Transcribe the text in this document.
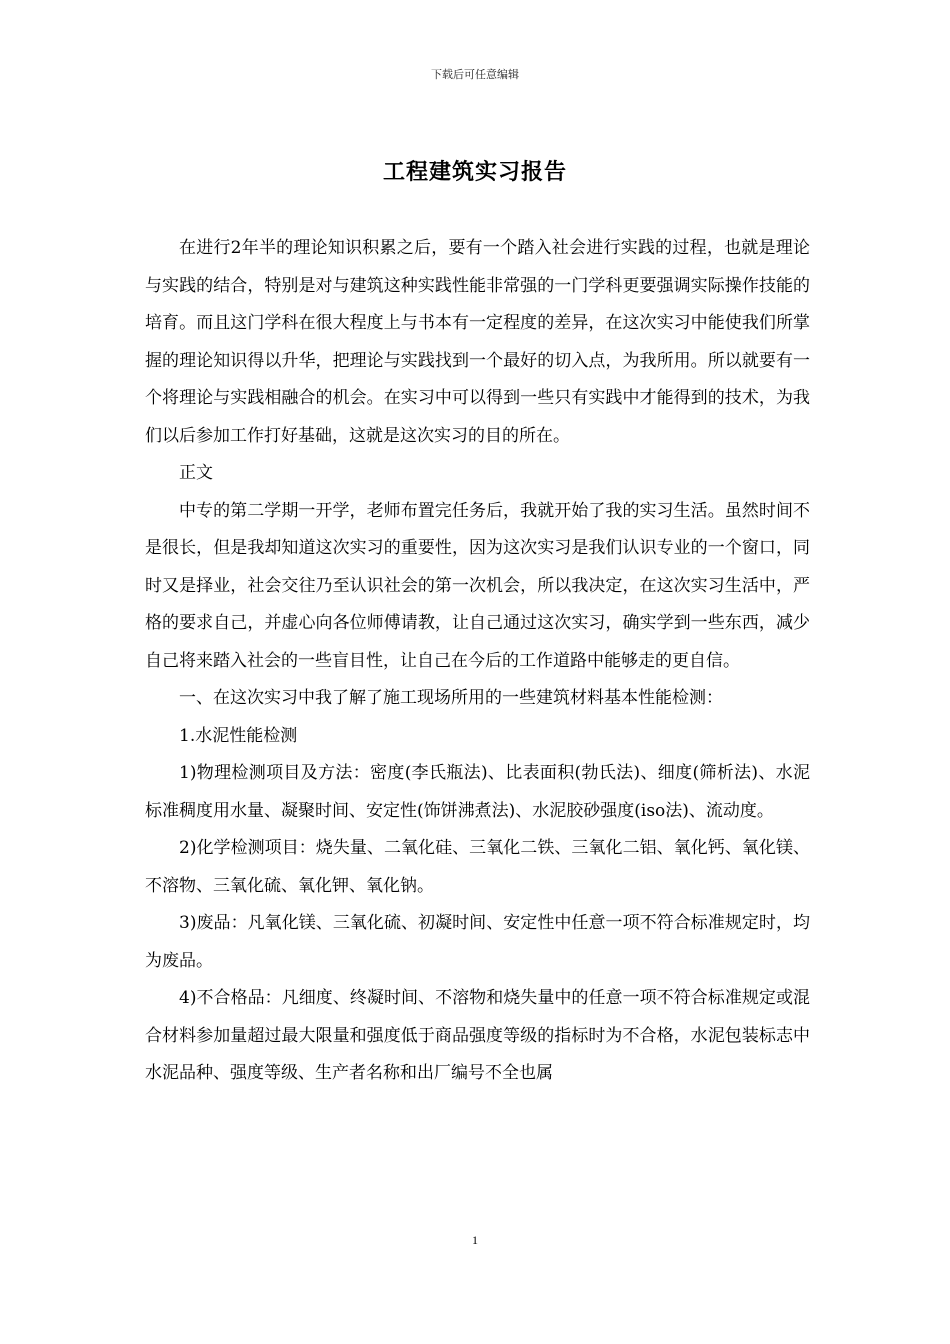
下载后可任意编辑
工程建筑实习报告

在进行2年半的理论知识积累之后，要有一个踏入社会进行实践的过程，也就是理论与实践的结合，特别是对与建筑这种实践性能非常强的一门学科更要强调实际操作技能的培育。而且这门学科在很大程度上与书本有一定程度的差异，在这次实习中能使我们所掌握的理论知识得以升华，把理论与实践找到一个最好的切入点，为我所用。所以就要有一个将理论与实践相融合的机会。在实习中可以得到一些只有实践中才能得到的技术，为我们以后参加工作打好基础，这就是这次实习的目的所在。

正文

中专的第二学期一开学，老师布置完任务后，我就开始了我的实习生活。虽然时间不是很长，但是我却知道这次实习的重要性，因为这次实习是我们认识专业的一个窗口，同时又是择业，社会交往乃至认识社会的第一次机会，所以我决定，在这次实习生活中，严格的要求自己，并虚心向各位师傅请教，让自己通过这次实习，确实学到一些东西，减少自己将来踏入社会的一些盲目性，让自己在今后的工作道路中能够走的更自信。

一、在这次实习中我了解了施工现场所用的一些建筑材料基本性能检测：

1.水泥性能检测

1)物理检测项目及方法：密度(李氏瓶法)、比表面积(勃氏法)、细度(筛析法)、水泥标准稠度用水量、凝聚时间、安定性(饰饼沸煮法)、水泥胶砂强度(iso法)、流动度。

2)化学检测项目：烧失量、二氧化硅、三氧化二铁、三氧化二铝、氧化钙、氧化镁、不溶物、三氧化硫、氧化钾、氧化钠。

3)废品：凡氧化镁、三氧化硫、初凝时间、安定性中任意一项不符合标准规定时，均为废品。

4)不合格品：凡细度、终凝时间、不溶物和烧失量中的任意一项不符合标准规定或混合材料参加量超过最大限量和强度低于商品强度等级的指标时为不合格，水泥包装标志中水泥品种、强度等级、生产者名称和出厂编号不全也属

1
